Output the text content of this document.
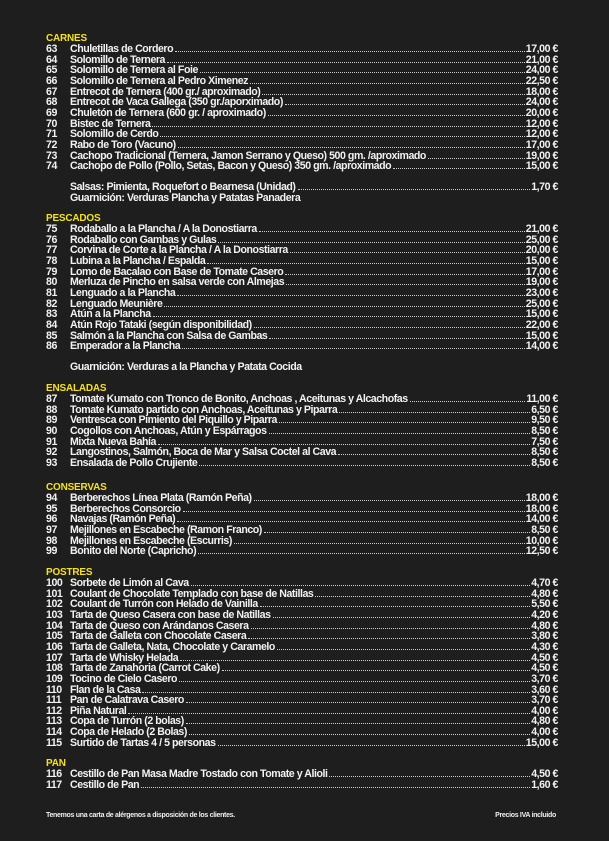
CARNES
63	Chuletillas de Cordero	17,00 €
64	Solomillo de Ternera	21,00 €
65	Solomillo de Ternera al Foie	24,00 €
66	Solomillo de Ternera al Pedro Ximenez	22,50 €
67	Entrecot de Ternera (400 gr./ aproximado)	18,00 €
68	Entrecot de Vaca Gallega (350 gr./aporximado)	24,00 €
69	Chuletón de Ternera (600 gr. / aproximado)	20,00 €
70	Bistec de Ternera	12,00 €
71	Solomillo de Cerdo	12,00 €
72	Rabo de Toro (Vacuno)	17,00 €
73	Cachopo Tradicional (Ternera, Jamon Serrano y Queso) 500 gm. /aproximado	19,00 €
74	Cachopo de Pollo (Pollo, Setas, Bacon y Queso) 350 gm. /aproximado	15,00 €
Salsas: Pimienta, Roquefort o Bearnesa (Unidad)	1,70 €
Guarnición: Verduras Plancha y Patatas Panadera
PESCADOS
75	Rodaballo a la Plancha / A la Donostiarra	21,00 €
76	Rodaballo con Gambas y Gulas	25,00 €
77	Corvina de Corte a la Plancha / A la Donostiarra	20,00 €
78	Lubina a la Plancha / Espalda	15,00 €
79	Lomo de Bacalao con Base de Tomate Casero	17,00 €
80	Merluza de Pincho en salsa verde con Almejas	19,00 €
81	Lenguado a la Plancha	23,00 €
82	Lenguado Meunière	25,00 €
83	Atún a la Plancha	15,00 €
84	Atún Rojo Tataki (según disponibilidad)	22,00 €
85	Salmón a la Plancha con Salsa de Gambas	15,00 €
86	Emperador a la Plancha	14,00 €
Guarnición: Verduras a la Plancha y Patata Cocida
ENSALADAS
87	Tomate Kumato con Tronco de Bonito, Anchoas , Aceitunas y Alcachofas	11,00 €
88	Tomate Kumato partido con Anchoas, Aceitunas y Piparra	6,50 €
89	Ventresca con Pimiento del Piquillo y Piparra	9,50 €
90	Cogollos con Anchoas, Atún y Espárragos	8,50 €
91	Mixta Nueva Bahía	7,50 €
92	Langostinos, Salmón, Boca de Mar y Salsa Coctel al Cava	8,50 €
93	Ensalada de Pollo Crujiente	8,50 €
CONSERVAS
94	Berberechos Línea Plata (Ramón Peña)	18,00 €
95	Berberechos Consorcio	18,00 €
96	Navajas (Ramón Peña)	14,00 €
97	Mejillones en Escabeche (Ramon Franco)	8,50 €
98	Mejillones en Escabeche (Escurris)	10,00 €
99	Bonito del Norte (Capricho)	12,50 €
POSTRES
100 Sorbete de Limón al Cava	4,70 €
101 Coulant de Chocolate Templado con base de Natillas	4,80 €
102 Coulant de Turrón con Helado de Vainilla	5,50 €
103 Tarta de Queso Casera con base de Natillas	4,20 €
104 Tarta de Queso con Arándanos Casera	4,80 €
105 Tarta de Galleta con Chocolate Casera	3,80 €
106 Tarta de Galleta, Nata, Chocolate y Caramelo	4,30 €
107 Tarta de Whisky Helada	4,50 €
108 Tarta de Zanahoria (Carrot Cake)	4,50 €
109 Tocino de Cielo Casero	3,70 €
110 Flan de la Casa	3,60 €
111 Pan de Calatrava Casero	3,70 €
112 Piña Natural	4,00 €
113 Copa de Turrón (2 bolas)	4,80 €
114 Copa de Helado (2 Bolas)	4,00 €
115 Surtido de Tartas 4 / 5 personas	15,00 €
PAN
116 Cestillo de Pan Masa Madre Tostado con Tomate y Alioli	4,50 €
117 Cestillo de Pan	1,60 €
Tenemos una carta de alérgenos a disposición de los clientes.	Precios IVA incluido
